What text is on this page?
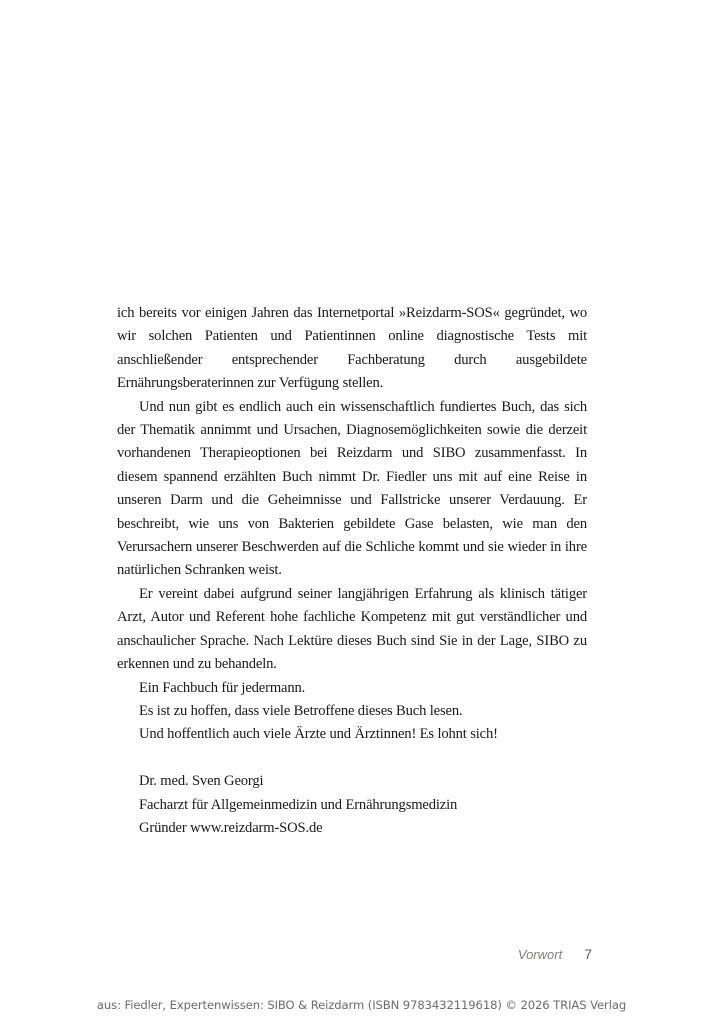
ich bereits vor einigen Jahren das Internetportal »Reizdarm-SOS« gegründet, wo wir solchen Patienten und Patientinnen online diagnostische Tests mit anschließender entsprechender Fachberatung durch ausgebildete Ernährungsberaterinnen zur Verfügung stellen.

Und nun gibt es endlich auch ein wissenschaftlich fundiertes Buch, das sich der Thematik annimmt und Ursachen, Diagnosemöglichkeiten sowie die derzeit vorhandenen Therapieoptionen bei Reizdarm und SIBO zusammenfasst. In diesem spannend erzählten Buch nimmt Dr. Fiedler uns mit auf eine Reise in unseren Darm und die Geheimnisse und Fallstricke unserer Verdauung. Er beschreibt, wie uns von Bakterien gebildete Gase belasten, wie man den Verursachern unserer Beschwerden auf die Schliche kommt und sie wieder in ihre natürlichen Schranken weist.

Er vereint dabei aufgrund seiner langjährigen Erfahrung als klinisch tätiger Arzt, Autor und Referent hohe fachliche Kompetenz mit gut verständlicher und anschaulicher Sprache. Nach Lektüre dieses Buch sind Sie in der Lage, SIBO zu erkennen und zu behandeln.

Ein Fachbuch für jedermann.

Es ist zu hoffen, dass viele Betroffene dieses Buch lesen.

Und hoffentlich auch viele Ärzte und Ärztinnen! Es lohnt sich!

Dr. med. Sven Georgi

Facharzt für Allgemeinmedizin und Ernährungsmedizin

Gründer www.reizdarm-SOS.de

Vorwort 7
aus: Fiedler, Expertenwissen: SIBO & Reizdarm (ISBN 9783432119618) © 2026 TRIAS Verlag
